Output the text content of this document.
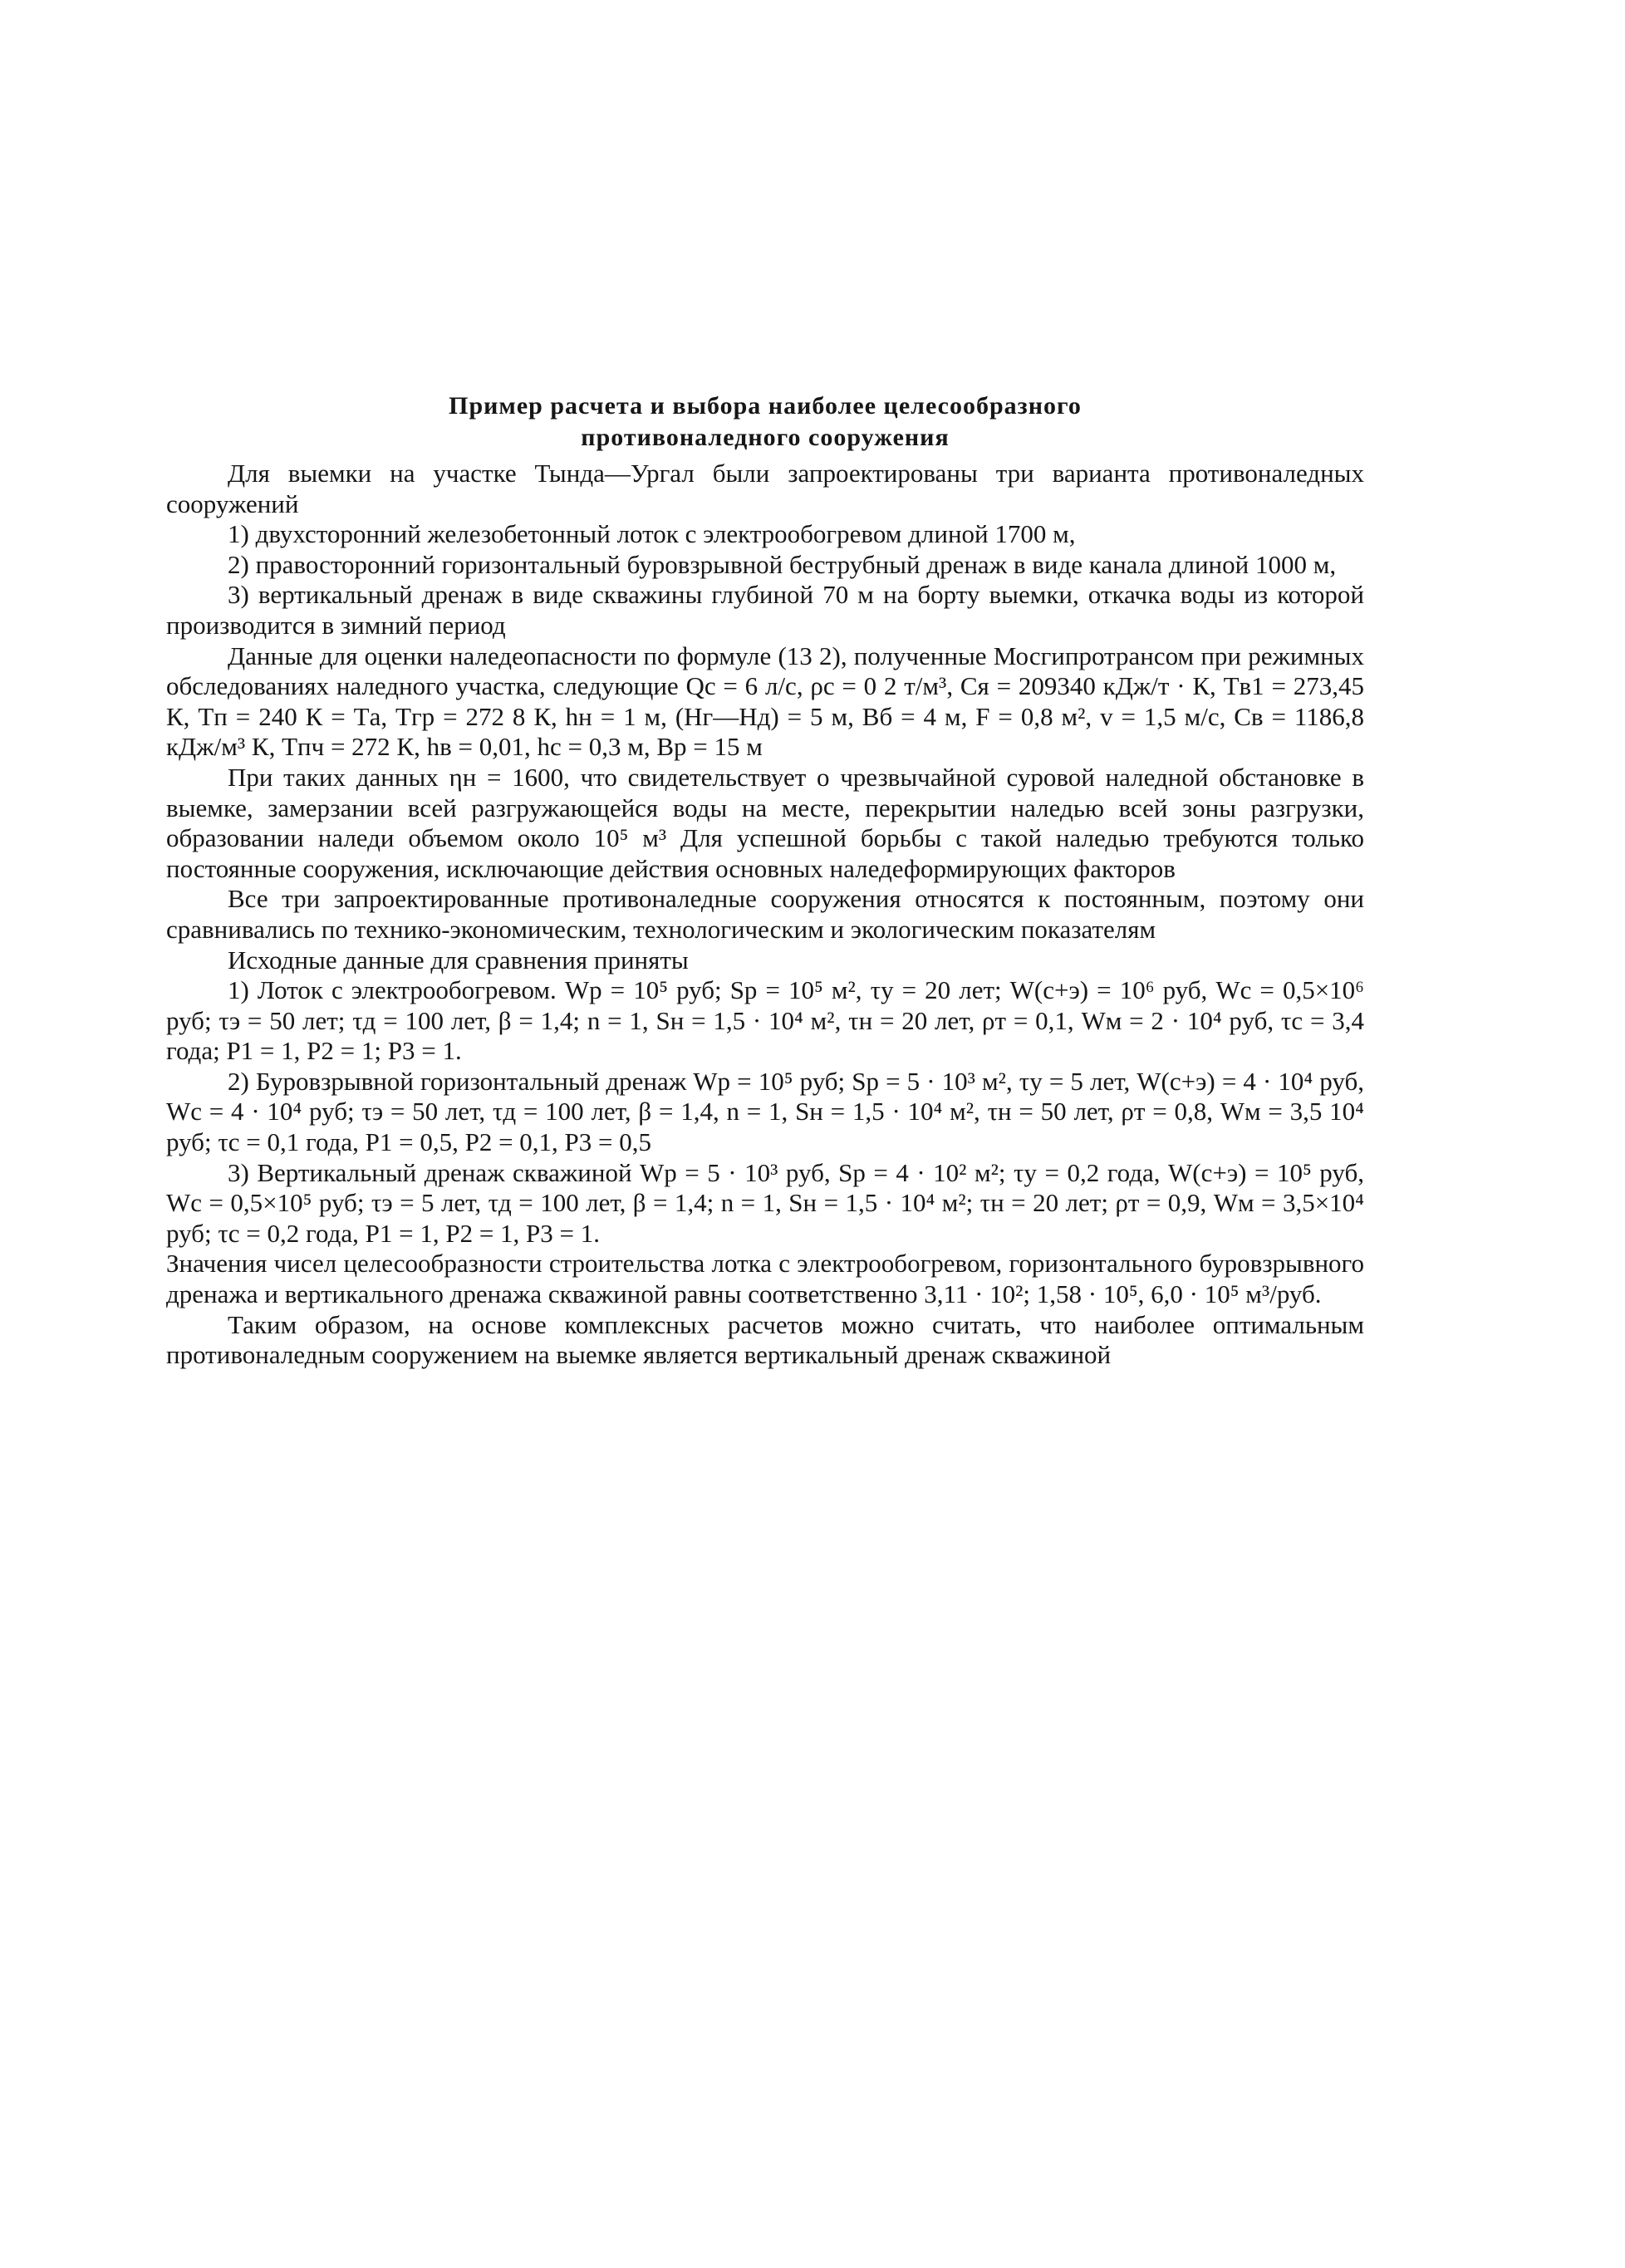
Пример расчета и выбора наиболее целесообразного
противоналедного сооружения

Для выемки на участке Тында—Ургал были запроектированы три варианта противоналедных сооружений

1) двухсторонний железобетонный лоток с электрообогревом длиной 1700 м,

2) правосторонний горизонтальный буровзрывной беструбный дренаж в виде канала длиной 1000 м,

3) вертикальный дренаж в виде скважины глубиной 70 м на борту выемки, откачка воды из которой производится в зимний период

Данные для оценки наледеопасности по формуле (13 2), полученные Мосгипротрансом при режимных обследованиях наледного участка, следующие Qc = 6 л/с, ρc = 0 2 т/м³, Cя = 209340 кДж/т · К, Tв1 = 273,45 К, Tп = 240 К = Tа, Tгр = 272 8 К, hн = 1 м, (Hг—Hд) = 5 м, Bб = 4 м, F = 0,8 м², v = 1,5 м/с, Cв = 1186,8 кДж/м³ К, Tпч = 272 К, hв = 0,01, hc = 0,3 м, Bр = 15 м

При таких данных ηн = 1600, что свидетельствует о чрезвычайной суровой наледной обстановке в выемке, замерзании всей разгружающейся воды на месте, перекрытии наледью всей зоны разгрузки, образовании наледи объемом около 10⁵ м³ Для успешной борьбы с такой наледью требуются только постоянные сооружения, исключающие действия основных наледеформирующих факторов

Все три запроектированные противоналедные сооружения относятся к постоянным, поэтому они сравнивались по технико-экономическим, технологическим и экологическим показателям

Исходные данные для сравнения приняты

1) Лоток с электрообогревом. Wр = 10⁵ руб; Sр = 10⁵ м², τу = 20 лет; W(с+э) = 10⁶ руб, Wс = 0,5×10⁶ руб; τэ = 50 лет; τд = 100 лет, β = 1,4; n = 1, Sн = 1,5 · 10⁴ м², τн = 20 лет, ρт = 0,1, Wм = 2 · 10⁴ руб, τс = 3,4 года; P1 = 1, P2 = 1; P3 = 1.

2) Буровзрывной горизонтальный дренаж Wр = 10⁵ руб; Sр = 5 · 10³ м², τу = 5 лет, W(с+э) = 4 · 10⁴ руб, Wс = 4 · 10⁴ руб; τэ = 50 лет, τд = 100 лет, β = 1,4, n = 1, Sн = 1,5 · 10⁴ м², τн = 50 лет, ρт = 0,8, Wм = 3,5 10⁴ руб; τс = 0,1 года, P1 = 0,5, P2 = 0,1, P3 = 0,5

3) Вертикальный дренаж скважиной Wр = 5 · 10³ руб, Sр = 4 · 10² м²; τу = 0,2 года, W(с+э) = 10⁵ руб, Wс = 0,5×10⁵ руб; τэ = 5 лет, τд = 100 лет, β = 1,4; n = 1, Sн = 1,5 · 10⁴ м²; τн = 20 лет; ρт = 0,9, Wм = 3,5×10⁴ руб; τс = 0,2 года, P1 = 1, P2 = 1, P3 = 1.

Значения чисел целесообразности строительства лотка с электрообогревом, горизонтального буровзрывного дренажа и вертикального дренажа скважиной равны соответственно 3,11 · 10²; 1,58 · 10⁵, 6,0 · 10⁵ м³/руб.

Таким образом, на основе комплексных расчетов можно считать, что наиболее оптимальным противоналедным сооружением на выемке является вертикальный дренаж скважиной
